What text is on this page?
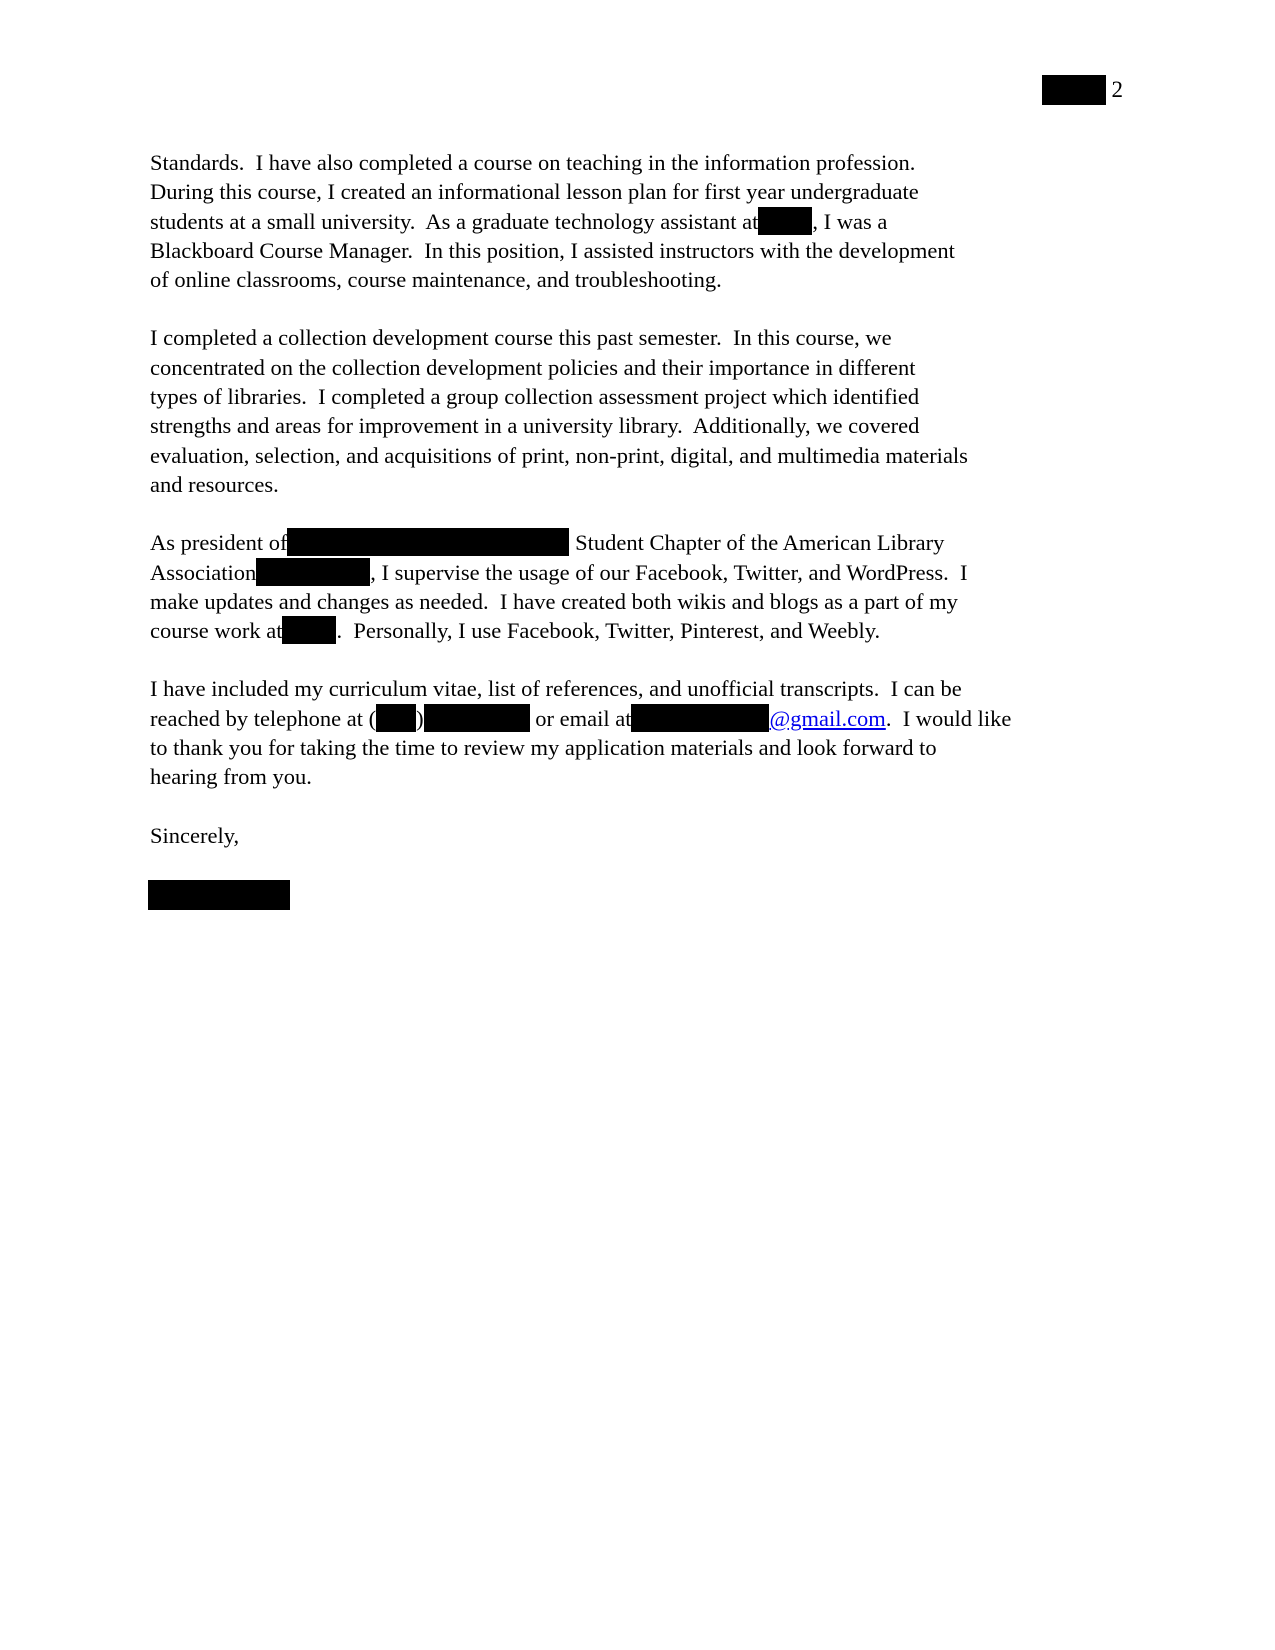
2

Standards.  I have also completed a course on teaching in the information profession.
During this course, I created an informational lesson plan for first year undergraduate
students at a small university.  As a graduate technology assistant at , I was a
Blackboard Course Manager.  In this position, I assisted instructors with the development
of online classrooms, course maintenance, and troubleshooting.

I completed a collection development course this past semester.  In this course, we
concentrated on the collection development policies and their importance in different
types of libraries.  I completed a group collection assessment project which identified
strengths and areas for improvement in a university library.  Additionally, we covered
evaluation, selection, and acquisitions of print, non-print, digital, and multimedia materials
and resources.

As president of	Student Chapter of the American Library
Association	, I supervise the usage of our Facebook, Twitter, and WordPress.  I
make updates and changes as needed.  I have created both wikis and blogs as a part of my
course work at .  Personally, I use Facebook, Twitter, Pinterest, and Weebly.

I have included my curriculum vitae, list of references, and unofficial transcripts.  I can be
reached by telephone at ( )	or email at	@gmail.com.  I would like
to thank you for taking the time to review my application materials and look forward to
hearing from you.

Sincerely,
